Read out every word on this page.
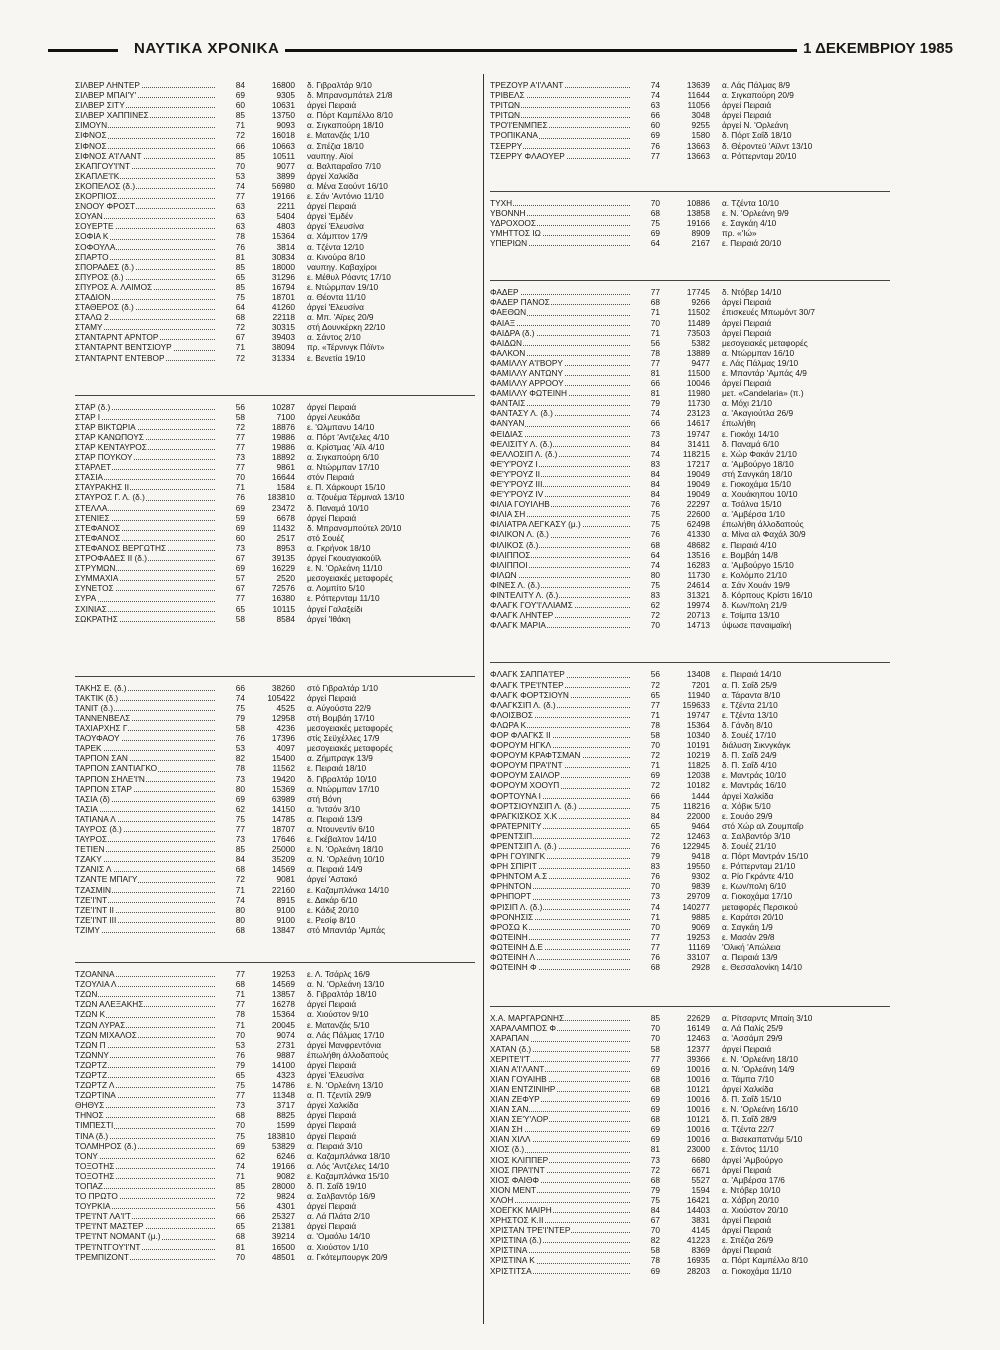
ΝΑΥΤΙΚΑ ΧΡΟΝΙΚΑ	1 ΔΕΚΕΜΒΡΙΟΥ 1985
ΣΙΛΒΕΡ ΛΗΝΤΕΡ	84	16800	δ. Γιβραλτάρ 9/10
ΣΙΛΒΕΡ ΜΠΑΙ'Υ'	69	9305	δ. Μπρανσμπάτελ 21/8
ΣΙΛΒΕΡ ΣΙΤΥ	60	10631	άργεί Πειραιά
ΣΙΛΒΕΡ ΧΑΠΠΙΝΕΣ	85	13750	α. Πόρτ Καμπέλλο 8/10
ΣΙΜΟΥΝ	71	9093	α. Σιγκαπούρη 18/10
ΣΙΦΝΟΣ	72	16018	ε. Ματανζάς 1/10
ΣΙΦΝΟΣ	66	10663	α. Σπέζια 18/10
ΣΙΦΝΟΣ Α'Ι'ΛΑΝΤ	85	10511	ναυπηγ. Αϊοί
ΣΚΑΠΓΟΥ'Ι'ΝΤ	70	9077	α. Βαλπαραΐσο 7/10
ΣΚΑΠΛΕ'Ι'Κ	53	3899	άργεί Χαλκίδα
ΣΚΟΠΕΛΟΣ (δ.)	74	56980	α. Μένα Σαούντ 16/10
ΣΚΟΡΠΙΟΣ	77	19166	ε. Σάν 'Αντόνιο 11/10
ΣΝΟΟΥ ΦΡΟΣΤ	63	2211	άργεί Πειραιά
ΣΟΥΑΝ	63	5404	άργεί 'Εμδέν
ΣΟΥΕΡΤΕ	63	4803	άργεί 'Ελευσίνα
ΣΟΦΙΑ Κ	78	15364	α. Χάμπτον 17/9
ΣΟΦΟΥΛΑ	76	3814	α. Τζέντα 12/10
ΣΠΑΡΤΟ	81	30834	α. Κινούρα 8/10
ΣΠΟΡΑΔΕΣ (δ.)	85	18000	ναυπηγ. Καβαχίροι
ΣΠΥΡΟΣ (δ.)	65	31296	ε. Μέθυλ Ρόαντς 17/10
ΣΠΥΡΟΣ Α. ΛΑΙΜΟΣ	85	16794	ε. Ντώρμπαν 19/10
ΣΤΑΔΙΟΝ	75	18701	α. Θέοντα 11/10
ΣΤΑΘΕΡΟΣ (δ.)	64	41260	άργεί 'Ελευσίνα
ΣΤΑΛΩ 2	68	22118	α. Μπ. 'Αϊρες 20/9
ΣΤΑΜΥ	72	30315	στή Δουνκέρκη 22/10
ΣΤΑΝΤΑΡΝΤ ΑΡΝΤΟΡ	67	39403	α. Σάντος 2/10
ΣΤΑΝΤΑΡΝΤ ΒΕΝΤΣΙΟΥΡ	71	38094	πρ. «Τέρνινγκ Πόϊντ»
ΣΤΑΝΤΑΡΝΤ ΕΝΤΕΒΟΡ	72	31334	ε. Βενετία 19/10
ΣΤΑΡ (δ.)	56	10287	άργεί Πειραιά
ΣΤΑΡ Ι	58	7100	άργεί Λευκάδα
ΣΤΑΡ ΒΙΚΤΩΡΙΑ	72	18876	ε. 'Ωλμπανυ 14/10
ΣΤΑΡ ΚΑΝΩΠΟΥΣ	77	19886	α. Πόρτ 'Αντζελες 4/10
ΣΤΑΡ ΚΕΝΤΑΥΡΟΣ	77	19886	α. Κρίστμας 'Αϊλ 4/10
ΣΤΑΡ ΠΟΥΚΟΥ	73	18892	α. Σιγκαπούρη 6/10
ΣΤΑΡΛΕΤ	77	9861	α. Ντώρμπαν 17/10
ΣΤΑΣΙΑ	70	16644	στόν Πειραιά
ΣΤΑΥΡΑΚΗΣ ΙΙ	71	1584	ε. Π. Χάρκουρτ 15/10
ΣΤΑΥΡΟΣ Γ. Λ. (δ.)	76	183810	α. Τζουέμα Τέρμιναλ 13/10
ΣΤΕΛΛΑ	69	23472	δ. Παναμά 10/10
ΣΤΕΝΙΕΣ	59	6678	άργεί Πειραιά
ΣΤΕΦΑΝΟΣ	69	11432	δ. Μπρανσμπούτελ 20/10
ΣΤΕΦΑΝΟΣ	60	2517	στό Σουέζ
ΣΤΕΦΑΝΟΣ ΒΕΡΓΩΤΗΣ	73	8953	α. Γκρήνοκ 18/10
ΣΤΡΟΦΑΔΕΣ ΙΙ (δ.)	67	39135	άργεί Γκουαγιακούϊλ
ΣΤΡΥΜΩΝ	69	16229	ε. Ν. 'Ορλεάνη 11/10
ΣΥΜΜΑΧΙΑ	57	2520	μεσογειακές μεταφορές
ΣΥΝΕΤΟΣ	67	72576	α. Λομπίτο 5/10
ΣΥΡΑ	77	16380	ε. Ρόττερνταμ 11/10
ΣΧΙΝΙΑΣ	65	10115	άργεί Γαλαξείδι
ΣΩΚΡΑΤΗΣ	58	8584	άργεί 'Ιθάκη
ΤΑΚΗΣ Ε. (δ.)	66	38260	στό Γιβραλτάρ 1/10
ΤΑΚΤΙΚ (δ.)	74	105422	άργεί Πειραιά
ΤΑΝΙΤ (δ.)	75	4525	α. Αύγούστα 22/9
ΤΑΝΝΕΝΒΕΛΣ	79	12958	στή Βομβάη 17/10
ΤΑΧΙΑΡΧΗΣ Γ	58	4236	μεσογειακές μεταφορές
ΤΑΟΥΦΑΟΥ	76	17396	στίς Σεϋχέλλες 17/9
ΤΑΡΕΚ	53	4097	μεσογειακές μεταφορές
ΤΑΡΠΟΝ ΣΑΝ	82	15400	α. Ζήμπραγκ 13/9
ΤΑΡΠΟΝ ΣΑΝΤΙΑΓΚΟ	78	11562	ε. Πειραιά 18/10
ΤΑΡΠΟΝ ΣΗΛΕ'Ι'Ν	73	19420	δ. Γιβραλτάρ 10/10
ΤΑΡΠΟΝ ΣΤΑΡ	80	15369	α. Ντώρμπαν 17/10
ΤΑΣΙΑ (δ)	69	63989	στή Βόνη
ΤΑΣΙΑ	62	14150	α. 'Ιντσόν 3/10
ΤΑΤΙΑΝΑ Λ	75	14785	α. Πειραιά 13/9
ΤΑΥΡΟΣ (δ.)	77	18707	α. Ντουνεντίν 6/10
ΤΑΥΡΟΣ	73	17646	ε. Γκέβαλτον 14/10
ΤΕΤΙΕΝ	85	25000	ε. Ν. 'Ορλεάνη 18/10
ΤΖΑΚΥ	84	35209	α. Ν. 'Ορλεάνη 10/10
ΤΖΑΝΙΣ Λ	68	14569	α. Πειραιά 14/9
ΤΖΑΝΤΕ ΜΠΑΙ'Υ	72	9081	άργεί 'Αστακό
ΤΖΑΣΜΙΝ	71	22160	ε. Καζαμπλάνκα 14/10
ΤΖΕ'Ι'ΝΤ	74	8915	ε. Δακάρ 6/10
ΤΖΕ'Ι'ΝΤ ΙΙ	80	9100	ε. Κάδιξ 20/10
ΤΖΕ'Ι'ΝΤ ΙΙΙ	80	9100	ε. Ρεσίφ 8/10
ΤΖΙΜΥ	68	13847	στό Μπαντάρ 'Αμπάς
ΤΖΟΑΝΝΑ	77	19253	ε. Λ. Τσάρλς 16/9
ΤΖΟΥΛΙΑ Λ	68	14569	α. Ν. 'Ορλεάνη 13/10
ΤΖΩΝ	71	13857	δ. Γιβραλτάρ 18/10
ΤΖΩΝ ΑΛΕΞΑΚΗΣ	77	16278	άργεί Πειραιά
ΤΖΩΝ Κ	78	15364	α. Χιούστον 9/10
ΤΖΩΝ ΛΥΡΑΣ	71	20045	ε. Ματανζάς 5/10
ΤΖΩΝ ΜΙΧΑΛΟΣ	70	9074	α. Λάς Πάλμας 17/10
ΤΖΩΝ Π	53	2731	άργεί Μανφρεντόνια
ΤΖΩΝΝΥ	76	9887	έπωλήθη άλλοδαπούς
ΤΖΩΡΤΖ	79	14100	άργεί Πειραιά
ΤΖΩΡΤΖ	65	4323	άργεί 'Ελευσίνα
ΤΖΩΡΤΖ Λ	75	14786	ε. Ν. 'Ορλεάνη 13/10
ΤΖΩΡΤΙΝΑ	77	11348	α. Π. Τζεντίλ 29/9
ΘΗΘΥΣ	73	3717	άργεί Χαλκίδα
ΤΗΝΟΣ	68	8825	άργεί Πειραιά
ΤΙΜΠΕΣΤΙ	70	1599	άργεί Πειραιά
ΤΙΝΑ (δ.)	75	183810	άργεί Πειραιά
ΤΟΛΜΗΡΟΣ (δ.)	69	53829	α. Πειραιά 3/10
ΤΟΝΥ	62	6246	α. Καζαμπλάνκα 18/10
ΤΟΞΟΤΗΣ	74	19166	α. Λός 'Αντζελες 14/10
ΤΟΞΟΤΗΣ	71	9082	ε. Καζαμπλάνκα 15/10
ΤΟΠΑΖ	85	28000	δ. Π. Σαΐδ 19/10
ΤΟ ΠΡΩΤΟ	72	9824	α. Σαλβαντόρ 16/9
ΤΟΥΡΚΙΑ	56	4301	άργεί Πειραιά
ΤΡΕ'Ι'ΝΤ ΛΑ'Ι'Τ	66	25327	α. Λά Πλάτα 2/10
ΤΡΕ'Ι'ΝΤ ΜΑΣΤΕΡ	65	21381	άργεί Πειραιά
ΤΡΕ'Ι'ΝΤ ΝΟΜΑΝΤ (μ.)	68	39214	α. 'Ομαόλυ 14/10
ΤΡΕ'Ι'ΝΤΓΟΥ'Ι'ΝΤ	81	16500	α. Χιούστον 1/10
ΤΡΕΜΠΙΖΟΝΤ	70	48501	α. Γκότεμπουργκ 20/9
ΤΡΕΖΟΥΡ Α'Ι'ΛΑΝΤ	74	13639	α. Λάς Πάλμας 8/9
ΤΡΙΒΕΛΣ	74	11644	α. Σιγκαπούρη 20/9
ΤΡΙΤΩΝ	63	11056	άργεί Πειραιά
ΤΡΙΤΩΝ	66	3048	άργεί Πειραιά
ΤΡΟ'Ι'ΕΝΜΠΕΣ	60	9255	άργεί Ν. 'Ορλεάνη
ΤΡΟΠΙΚΑΝΑ	69	1580	δ. Πόρτ Σαΐδ 18/10
ΤΣΕΡΡΥ	76	13663	δ. Θέροντεϋ 'Αϊλντ 13/10
ΤΣΕΡΡΥ ΦΛΑΟΥΕΡ	77	13663	α. Ρόττερνταμ 20/10
ΤΥΧΗ	70	10886	α. Τζέντα 10/10
ΥΒΟΝΝΗ	68	13858	ε. Ν. 'Ορλεάνη 9/9
ΥΔΡΟΧΟΟΣ	75	19166	ε. Σαγκάη 4/10
ΥΜΗΤΤΟΣ ΙΩ	69	8909	πρ. «'Ιώ»
ΥΠΕΡΙΩΝ	64	2167	ε. Πειραιά 20/10
ΦΑΔΕΡ	77	17745	δ. Ντόβερ 14/10
ΦΑΔΕΡ ΠΑΝΟΣ	68	9266	άργεί Πειραιά
ΦΑΕΘΩΝ	71	11502	έπισκευές Μπωμόντ 30/7
ΦΑΙΑΞ	70	11489	άργεί Πειραιά
ΦΑΙΔΡΑ (δ.)	71	73503	άργεί Πειραιά
ΦΑΙΔΩΝ	56	5382	μεσογειακές μεταφορές
ΦΑΛΚΟΝ	78	13889	α. Ντώρμπαν 16/10
ΦΑΜΙΛΛΥ Α'Ι'ΒΟΡΥ	77	9477	ε. Λάς Πάλμας 19/10
ΦΑΜΙΛΛΥ ΑΝΤΩΝΥ	81	11500	ε. Μπαντάρ 'Αμπάς 4/9
ΦΑΜΙΛΛΥ ΑΡΡΟΟΥ	66	10046	άργεί Πειραιά
ΦΑΜΙΛΛΥ ΦΩΤΕΙΝΗ	81	11980	μετ. «Candelaria» (π.)
ΦΑΝΤΑΙΣ	79	11730	α. Μόχι 21/10
ΦΑΝΤΑΣΥ Λ. (δ.)	74	23123	α. 'Ακαγιούτλα 26/9
ΦΑΝΥΑΝ	66	14617	έπωλήθη
ΦΕΙΔΙΑΣ	73	19747	ε. Γιοκόχι 14/10
ΦΕΛΙΣΙΤΥ Λ. (δ.)	84	31411	δ. Παναμά 6/10
ΦΕΛΛΟΣΙΠ Λ. (δ.)	74	118215	ε. Χώρ Φακάν 21/10
ΦΕ'Υ'ΡΟΥΖ Ι	83	17217	α. 'Αμβούργο 18/10
ΦΕ'Υ'ΡΟΥΖ ΙΙ	84	19049	στή Σανγκάη 18/10
ΦΕ'Υ'ΡΟΥΖ ΙΙΙ	84	19049	ε. Γιοκοχάμα 15/10
ΦΕ'Υ'ΡΟΥΖ ΙV	84	19049	α. Χουάκηπου 10/10
ΦΙΛΙΑ ΓΟΥΙΛΗΒ	76	22297	α. Τσάλνα 15/10
ΦΙΛΙΑ ΣΗ	75	22600	α. 'Αμβέρσα 1/10
ΦΙΛΙΑΤΡΑ ΛΕΓΚΑΣΥ (μ.)	75	62498	έπωλήθη άλλοδαπούς
ΦΙΛΙΚΟΝ Λ. (δ.)	76	41330	α. Μίνα αλ Φαχάλ 30/9
ΦΙΛΙΚΟΣ (δ.)	68	48682	ε. Πειραιά 4/10
ΦΙΛΙΠΠΟΣ	64	13516	ε. Βομβάη 14/8
ΦΙΛΙΠΠΟΙ	74	16283	α. 'Αμβούργο 15/10
ΦΙΛΩΝ	80	11730	ε. Κολόμπο 21/10
ΦΙΝΕΣ Λ. (δ.)	75	24614	α. Σάν Χουάν 19/9
ΦΙΝΤΕΛΙΤΥ Λ. (δ.)	83	31321	δ. Κόρπους Κρίστι 16/10
ΦΛΑΓΚ ΓΟΥ'Ι'ΛΛΙΑΜΣ	62	19974	δ. Κων/πολη 21/9
ΦΛΑΓΚ ΛΗΝΤΕΡ	72	20713	ε. Τσίμπα 13/10
ΦΛΑΓΚ ΜΑΡΙΑ	70	14713	ύψωσε παναιμαϊκή
ΦΛΑΓΚ ΣΑΠΠΑ'Ι'ΕΡ	56	13408	ε. Πειραιά 14/10
ΦΛΑΓΚ ΤΡΕ'Ι'ΝΤΕΡ	72	7201	α. Π. Σαΐδ 25/9
ΦΛΑΓΚ ΦΟΡΤΣΙΟΥΝ	65	11940	α. Τάραντα 8/10
ΦΛΑΓΚΣΙΠ Λ. (δ.)	77	159633	ε. Τζέντα 21/10
ΦΛΟΙΣΒΟΣ	71	19747	ε. Τζέντα 13/10
ΦΛΩΡΑ Κ	78	15364	δ. Γάνδη 8/10
ΦΟΡ ΦΛΑΓΚΣ ΙΙ	58	10340	δ. Σουέζ 17/10
ΦΟΡΟΥΜ ΗΓΚΛ	70	10191	διάλυση Σικνγκάγκ
ΦΟΡΟΥΜ ΚΡΑΦΤΣΜΑΝ	72	10219	δ. Π. Σαΐδ 24/9
ΦΟΡΟΥΜ ΠΡΑ'Ι'ΝΤ	71	11825	δ. Π. Σαΐδ 4/10
ΦΟΡΟΥΜ ΣΑΙΛΟΡ	69	12038	ε. Μαντράς 10/10
ΦΟΡΟΥΜ ΧΟΟΥΠ	72	10182	ε. Μαντράς 16/10
ΦΟΡΤΟΥΝΑ Ι	66	1444	άργεί Χαλκίδα
ΦΟΡΤΣΙΟΥΝΣΙΠ Λ. (δ.)	75	118216	α. Χόβικ 5/10
ΦΡΑΓΚΙΣΚΟΣ Χ.Κ	84	22000	ε. Σουάο 29/9
ΦΡΑΤΕΡΝΙΤΥ	65	9464	στό Χώρ αλ Ζουμπαΐρ
ΦΡΕΝΤΣΙΠ	72	12463	α. Σαλβαντόρ 3/10
ΦΡΕΝΤΣΙΠ Λ. (δ.)	76	122945	δ. Σουέζ 21/10
ΦΡΗ ΓΟΥΙΝΓΚ	79	9418	α. Πόρτ Μαντράν 15/10
ΦΡΗ ΣΠΙΡΙΤ	83	19550	ε. Ρόττερνταμ 21/10
ΦΡΗΝΤΟΜ Α.Σ	76	9302	α. Ρίο Γκράντε 4/10
ΦΡΗΝΤΟΝ	70	9839	ε. Κων/πολη 6/10
ΦΡΗΠΟΡΤ	73	29709	α. Γιοκοχάμα 17/10
ΦΡΙΣΙΠ Λ. (δ.)	74	140277	μεταφορές Περσικού
ΦΡΟΝΗΣΙΣ	71	9885	ε. Καράτσι 20/10
ΦΡΟΣΩ Κ	70	9069	α. Σαγκάη 1/9
ΦΩΤΕΙΝΗ	77	19253	ε. Μασάν 29/8
ΦΩΤΕΙΝΗ Δ.Ε	77	11169	'Ολική 'Απώλεια
ΦΩΤΕΙΝΗ Λ	76	33107	α. Πειραιά 13/9
ΦΩΤΕΙΝΗ Φ	68	2928	ε. Θεσσαλονίκη 14/10
Χ.Α. ΜΑΡΓΑΡΩΝΗΣ	85	22629	α. Ρίτσαρντς Μπαίη 3/10
ΧΑΡΑΛΑΜΠΟΣ Φ	70	16149	α. Λά Παλίς 25/9
ΧΑΡΑΠΑΝ	70	12463	α. 'Ασσάμπ 29/9
ΧΑΤΑΝ (δ.)	58	12377	άργεί Πειραιά
ΧΕΡΙΤΕ'Ι'Τ	77	39366	ε. Ν. 'Ορλεάνη 18/10
ΧΙΑΝ Α'Ι'ΛΑΝΤ	69	10016	α. Ν. 'Ορλεάνη 14/9
ΧΙΑΝ ΓΟΥΑΙΗΒ	68	10016	α. Τάμπα 7/10
ΧΙΑΝ ΕΝΤΖΙΝΙΗΡ	68	10121	άργεί Χαλκίδα
ΧΙΑΝ ΖΕΦΥΡ	69	10016	δ. Π. Σαΐδ 15/10
ΧΙΑΝ ΣΑΝ	69	10016	ε. Ν. 'Ορλεάνη 16/10
ΧΙΑΝ ΣΕ'Υ'ΛΟΡ	68	10121	δ. Π. Σαΐδ 28/9
ΧΙΑΝ ΣΗ	69	10016	α. Τζέντα 22/7
ΧΙΑΝ ΧΙΛΛ	69	10016	α. Βισεκαπατνάμ 5/10
ΧΙΟΣ (δ.)	81	23000	ε. Σάντος 11/10
ΧΙΟΣ ΚΛΙΠΠΕΡ	73	6680	άργεί 'Αμβούργο
ΧΙΟΣ ΠΡΑ'Ι'ΝΤ	72	6671	άργεί Πειραιά
ΧΙΟΣ ΦΑΙΘΦ	68	5527	α. 'Αμβέρσα 17/6
ΧΙΟΝ ΜΕΝΤ	79	1594	ε. Ντόβερ 10/10
ΧΛΟΗ	75	16421	α. Χάβρη 20/10
ΧΟΕΓΚΚ ΜΑΙΡΗ	84	14403	α. Χιούστον 20/10
ΧΡΗΣΤΟΣ Κ.ΙΙ	67	3831	άργεί Πειραιά
ΧΡΙΣΤΑΝ ΤΡΕ'Ι'ΝΤΕΡ	70	4145	άργεί Πειραιά
ΧΡΙΣΤΙΝΑ (δ.)	82	41223	ε. Σπέζια 26/9
ΧΡΙΣΤΙΝΑ	58	8369	άργεί Πειραιά
ΧΡΙΣΤΙΝΑ Κ	78	16935	α. Πόρτ Καμπέλλο 8/10
ΧΡΙΣΤΙΤΣΑ	69	28203	α. Γιοκοχάμα 11/10
